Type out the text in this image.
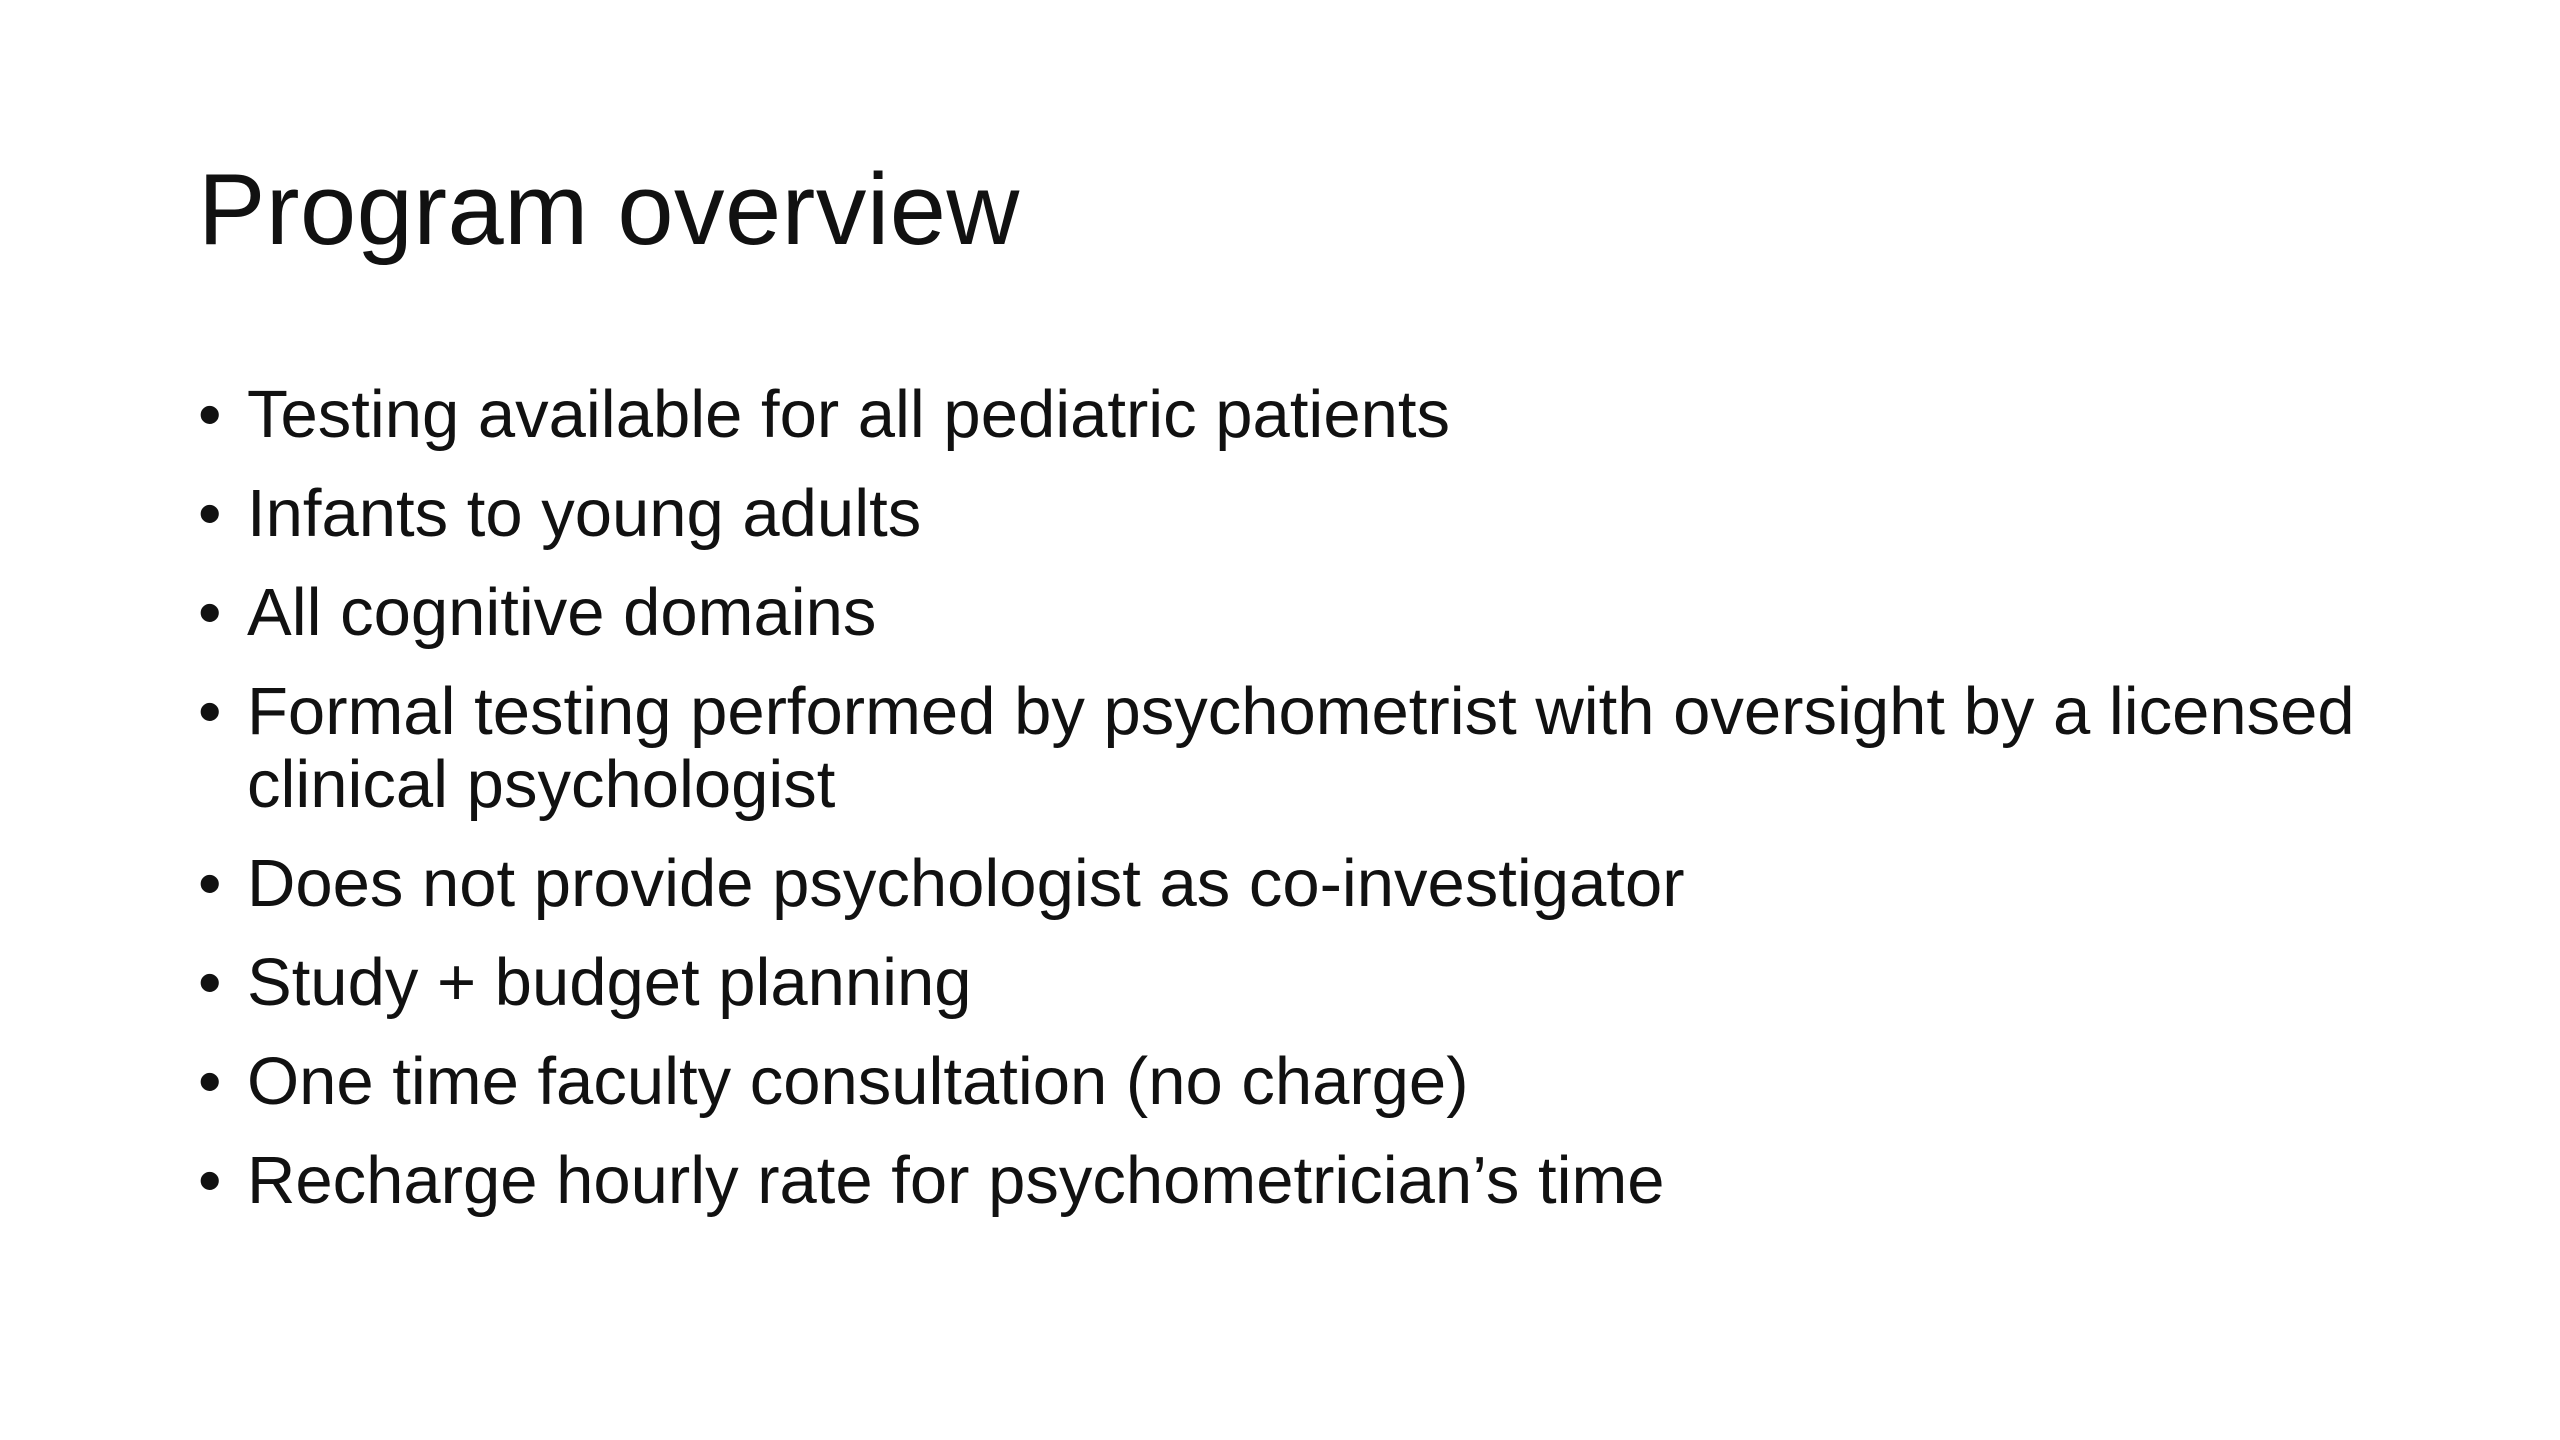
Program overview
• Testing available for all pediatric patients
• Infants to young adults
• All cognitive domains
• Formal testing performed by psychometrist with oversight by a licensed clinical psychologist
• Does not provide psychologist as co-investigator
• Study + budget planning
• One time faculty consultation (no charge)
• Recharge hourly rate for psychometrician’s time
